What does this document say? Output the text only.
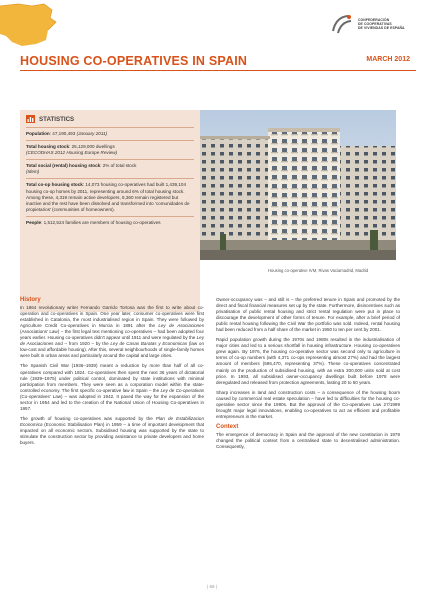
CONFEDERACIÓN
DE COOPERATIVAS
DE VIVIENDAS DE ESPAÑA
HOUSING CO-OPERATIVES IN SPAIN	MARCH 2012
STATISTICS
Population: 47,190,493 (January 2011)
Total housing stock: 25,129,000 dwellings
(CECODHAS 2012 Housing Europe Review)
Total social (rental) housing stock: 2% of total stock
(Idem)
Total co-op housing stock: 14,073 housing co-operatives had built 1,439,104 housing co-op homes by 2011, representing around 6% of total housing stock. Among these, 4,319 remain active developers, 8,360 remain registered but inactive and the rest have been dissolved and transformed into 'comunidades de propietarios' (communities of homeowners).
People: 1,512,524 families are members of housing co-operatives
Housing co-operative IVM, Rivas Vaciamadrid, Madrid
History

In 1864 revolutionary writer Fernando Garrido Tortosa was the first to write about co-operation and co-operatives in Spain. One year later, consumer co-operatives were first established in Catalonia, the most industrialised region in Spain. They were followed by Agriculture Credit Co-operatives in Murcia in 1891 after the Ley de Asociaciones (Associations' Law) – the first legal text mentioning co-operatives – had been adopted four years earlier. Housing co-operatives didn't appear until 1911 and were regulated by the Ley de Asociaciones and – from 1920 – by the Ley de Casas Baratas y Economicas (law on low-cost and affordable housing). After this, several neighbourhoods of single-family homes were built in urban areas and particularly around the capital and large cities.

The Spanish Civil War (1936–1939) meant a reduction by more than half of all co-operatives compared with 1924. Co-operatives then spent the next 36 years of dictatorial rule (1939–1975) under political control, dominated by state institutions with minimal participation from members. They were seen as a corporation model within the state-controlled economy. The first specific co-operative law in Spain – the Ley de Co-operativas (Co-operatives' Law) – was adopted in 1942. It paved the way for the expansion of the sector in 1954 and led to the creation of the National Union of Housing Co-operatives in 1957.

The growth of housing co-operatives was supported by the Plan de Estabilizacion Economica (Economic Stabilisation Plan) in 1959 – a time of important development that impacted on all economic sectors. Subsidised housing was supported by the state to stimulate the construction sector by providing assistance to private developers and home buyers.

Owner-occupancy was – and still is – the preferred tenure in Spain and promoted by the direct and fiscal financial measures set up by the state. Furthermore, disincentives such as privatisation of public rental housing and strict rental regulation were put in place to discourage the development of other forms of tenure. For example, after a brief period of public rental housing following the Civil War the portfolio was sold. Indeed, rental housing had been reduced from a half share of the market in 1950 to ten per cent by 2001.

Rapid population growth during the 1970s and 1980s resulted in the industrialisation of major cities and led to a serious shortfall in housing infrastructure. Housing co-operatives grew again. By 1976, the housing co-operative sector was second only to agriculture in terms of co-op numbers (with 4,371 co-ops representing almost 27%) and had the largest amount of members (596,470, representing 37%). These co-operatives concentrated mainly on the production of subsidised housing, with an extra 300,000 units sold at cost price. In 1993, all subsidised owner-occupancy dwellings built before 1978 were deregulated and released from protection agreements, lasting 20 to 50 years.

Sharp increases in land and construction costs – a consequence of the housing boom caused by commercial real estate speculation – have led to difficulties for the housing co-operative sector since the 1990s. But the approval of the Co-operatives Law 27/1999 brought major legal innovations, enabling co-operatives to act as efficient and profitable entrepreneurs in the market.

Context

The emergence of democracy in Spain and the approval of the new constitution in 1978 changed the political context from a centralised state to decentralised administration. Consequently,

| 66 |
